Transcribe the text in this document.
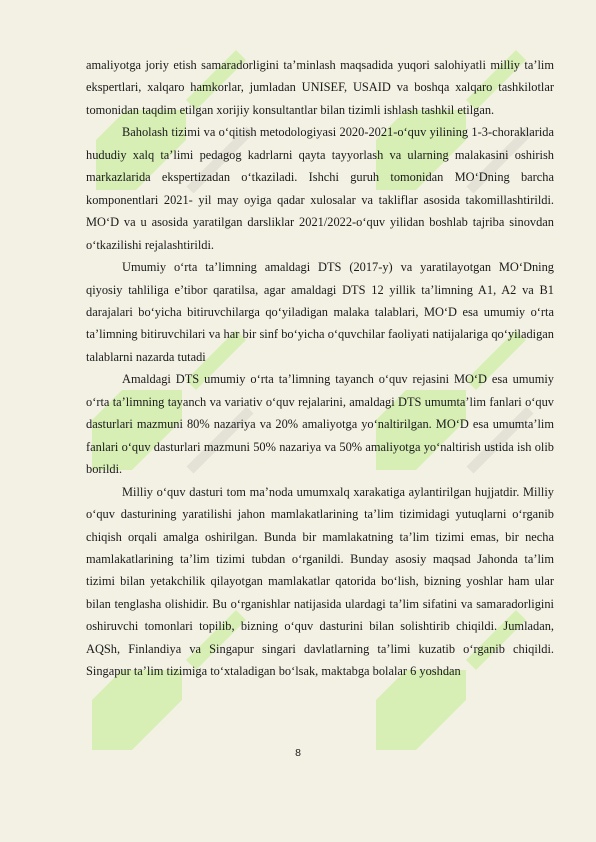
amaliyotga joriy etish samaradorligini ta’minlash maqsadida yuqori salohiyatli milliy ta’lim ekspertlari, xalqaro hamkorlar, jumladan UNISEF, USAID va boshqa xalqaro tashkilotlar tomonidan taqdim etilgan xorijiy konsultantlar bilan tizimli ishlash tashkil etilgan.

Baholash tizimi va o‘qitish metodologiyasi 2020-2021-o‘quv yilining 1-3-choraklarida hududiy xalq ta’limi pedagog kadrlarni qayta tayyorlash va ularning malakasini oshirish markazlarida ekspertizadan o‘tkaziladi. Ishchi guruh tomonidan MO‘Dning barcha komponentlari 2021- yil may oyiga qadar xulosalar va takliflar asosida takomillashtirildi. MO‘D va u asosida yaratilgan darsliklar 2021/2022-o‘quv yilidan boshlab tajriba sinovdan o‘tkazilishi rejalashtirildi.

Umumiy o‘rta ta’limning amaldagi DTS (2017-y) va yaratilayotgan MO‘Dning qiyosiy tahliliga e’tibor qaratilsa, agar amaldagi DTS 12 yillik ta’limning A1, A2 va B1 darajalari bo‘yicha bitiruvchilarga qo‘yiladigan malaka talablari, MO‘D esa umumiy o‘rta ta’limning bitiruvchilari va har bir sinf bo‘yicha o‘quvchilar faoliyati natijalariga qo‘yiladigan talablarni nazarda tutadi

Amaldagi DTS umumiy o‘rta ta’limning tayanch o‘quv rejasini MO‘D esa umumiy o‘rta ta’limning tayanch va variativ o‘quv rejalarini, amaldagi DTS umumta’lim fanlari o‘quv dasturlari mazmuni 80% nazariya va 20% amaliyotga yo‘naltirilgan. MO‘D esa umumta’lim fanlari o‘quv dasturlari mazmuni 50% nazariya va 50% amaliyotga yo‘naltirish ustida ish olib borildi.

Milliy o‘quv dasturi tom ma’noda umumxalq xarakatiga aylantirilgan hujjatdir. Milliy o‘quv dasturining yaratilishi jahon mamlakatlarining ta’lim tizimidagi yutuqlarni o‘rganib chiqish orqali amalga oshirilgan. Bunda bir mamlakatning ta’lim tizimi emas, bir necha mamlakatlarining ta’lim tizimi tubdan o‘rganildi. Bunday asosiy maqsad Jahonda ta’lim tizimi bilan yetakchilik qilayotgan mamlakatlar qatorida bo‘lish, bizning yoshlar ham ular bilan tenglasha olishidir. Bu o‘rganishlar natijasida ulardagi ta’lim sifatini va samaradorligini oshiruvchi tomonlari topilib, bizning o‘quv dasturini bilan solishtirib chiqildi. Jumladan, AQSh, Finlandiya va Singapur singari davlatlarning ta’limi kuzatib o‘rganib chiqildi. Singapur ta’lim tizimiga to‘xtaladigan bo‘lsak, maktabga bolalar 6 yoshdan

8
